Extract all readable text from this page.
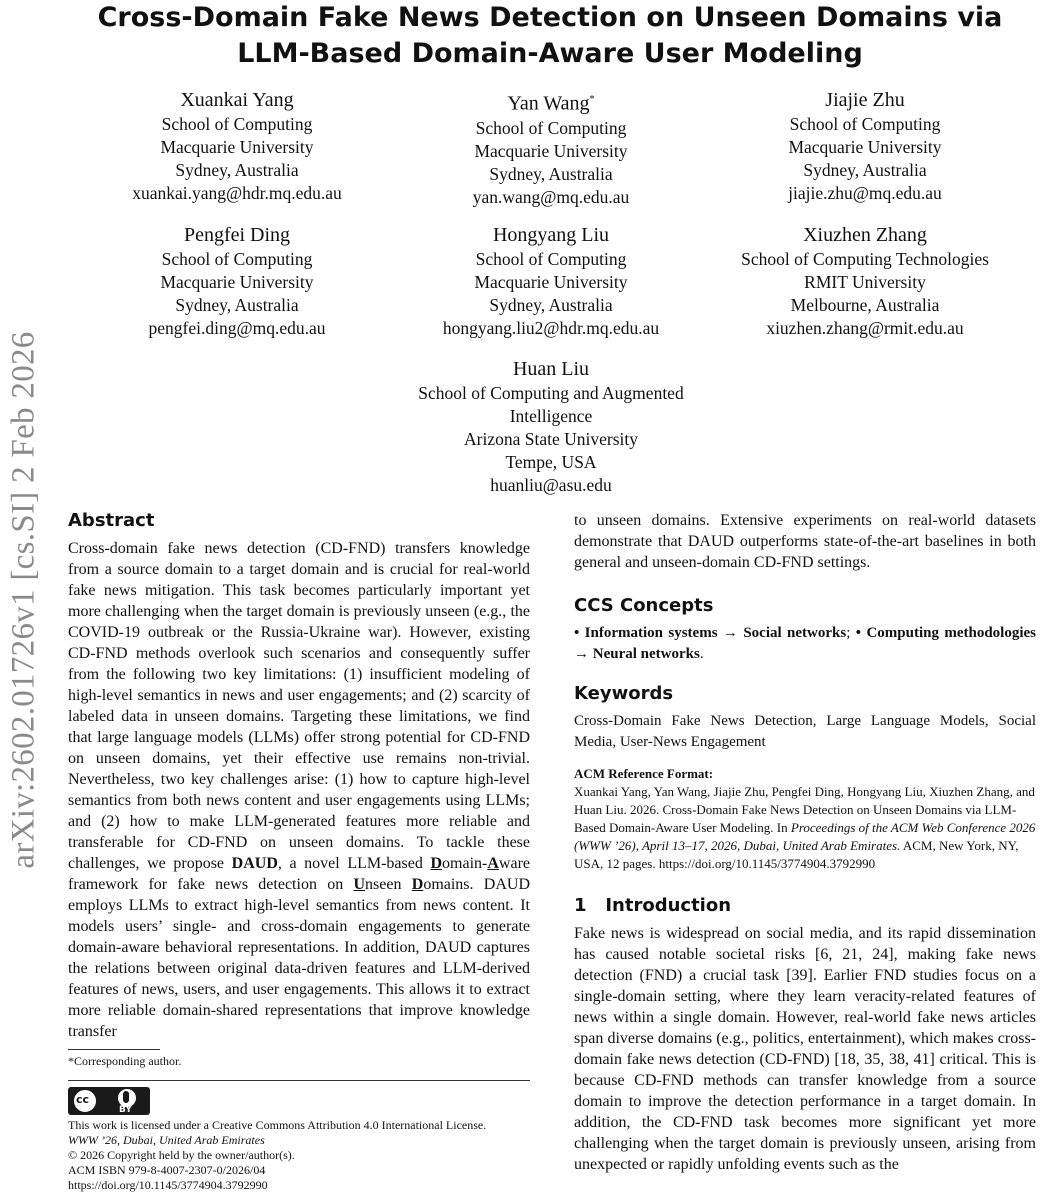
arXiv:2602.01726v1 [cs.SI] 2 Feb 2026
Cross-Domain Fake News Detection on Unseen Domains via
LLM-Based Domain-Aware User Modeling
Xuankai Yang
School of Computing
Macquarie University
Sydney, Australia
xuankai.yang@hdr.mq.edu.au
Yan Wang*
School of Computing
Macquarie University
Sydney, Australia
yan.wang@mq.edu.au
Jiajie Zhu
School of Computing
Macquarie University
Sydney, Australia
jiajie.zhu@mq.edu.au
Pengfei Ding
School of Computing
Macquarie University
Sydney, Australia
pengfei.ding@mq.edu.au
Hongyang Liu
School of Computing
Macquarie University
Sydney, Australia
hongyang.liu2@hdr.mq.edu.au
Xiuzhen Zhang
School of Computing Technologies
RMIT University
Melbourne, Australia
xiuzhen.zhang@rmit.edu.au
Huan Liu
School of Computing and Augmented
Intelligence
Arizona State University
Tempe, USA
huanliu@asu.edu
Abstract

Cross-domain fake news detection (CD-FND) transfers knowledge from a source domain to a target domain and is crucial for real-world fake news mitigation. This task becomes particularly important yet more challenging when the target domain is previously unseen (e.g., the COVID-19 outbreak or the Russia-Ukraine war). However, existing CD-FND methods overlook such scenarios and consequently suffer from the following two key limitations: (1) insufficient modeling of high-level semantics in news and user engagements; and (2) scarcity of labeled data in unseen domains. Targeting these limitations, we find that large language models (LLMs) offer strong potential for CD-FND on unseen domains, yet their effective use remains non-trivial. Nevertheless, two key challenges arise: (1) how to capture high-level semantics from both news content and user engagements using LLMs; and (2) how to make LLM-generated features more reliable and transferable for CD-FND on unseen domains. To tackle these challenges, we propose DAUD, a novel LLM-based Domain-Aware framework for fake news detection on Unseen Domains. DAUD employs LLMs to extract high-level semantics from news content. It models users’ single- and cross-domain engagements to generate domain-aware behavioral representations. In addition, DAUD captures the relations between original data-driven features and LLM-derived features of news, users, and user engagements. This allows it to extract more reliable domain-shared representations that improve knowledge transfer

*Corresponding author.
cc
BY
This work is licensed under a Creative Commons Attribution 4.0 International License.
WWW ’26, Dubai, United Arab Emirates
© 2026 Copyright held by the owner/author(s).
ACM ISBN 979-8-4007-2307-0/2026/04
https://doi.org/10.1145/3774904.3792990

to unseen domains. Extensive experiments on real-world datasets demonstrate that DAUD outperforms state-of-the-art baselines in both general and unseen-domain CD-FND settings.

CCS Concepts

• Information systems → Social networks; • Computing methodologies → Neural networks.

Keywords

Cross-Domain Fake News Detection, Large Language Models, Social Media, User-News Engagement

ACM Reference Format:

Xuankai Yang, Yan Wang, Jiajie Zhu, Pengfei Ding, Hongyang Liu, Xiuzhen Zhang, and Huan Liu. 2026. Cross-Domain Fake News Detection on Unseen Domains via LLM-Based Domain-Aware User Modeling. In Proceedings of the ACM Web Conference 2026 (WWW ’26), April 13–17, 2026, Dubai, United Arab Emirates. ACM, New York, NY, USA, 12 pages. https://doi.org/10.1145/3774904.3792990

1 Introduction

Fake news is widespread on social media, and its rapid dissemination has caused notable societal risks [6, 21, 24], making fake news detection (FND) a crucial task [39]. Earlier FND studies focus on a single-domain setting, where they learn veracity-related features of news within a single domain. However, real-world fake news articles span diverse domains (e.g., politics, entertainment), which makes cross-domain fake news detection (CD-FND) [18, 35, 38, 41] critical. This is because CD-FND methods can transfer knowledge from a source domain to improve the detection performance in a target domain. In addition, the CD-FND task becomes more significant yet more challenging when the target domain is previously unseen, arising from unexpected or rapidly unfolding events such as the
